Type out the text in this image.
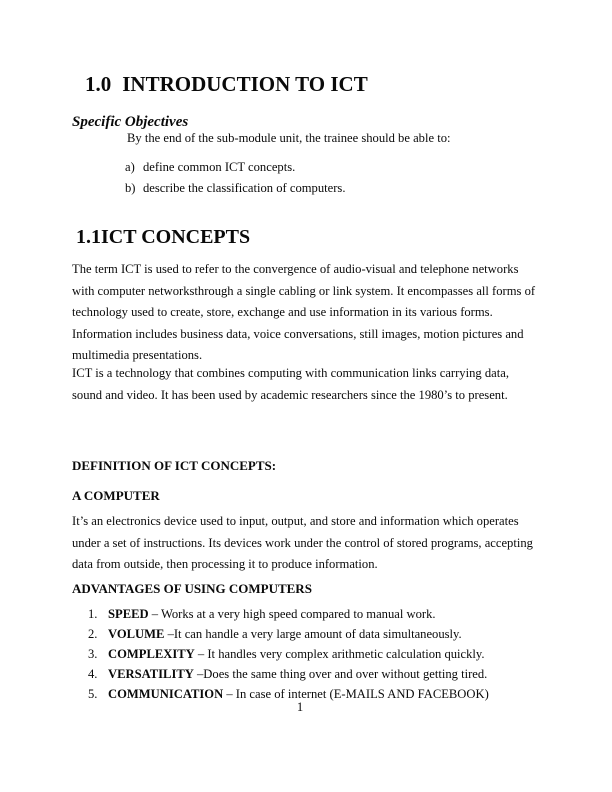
1.0 INTRODUCTION TO ICT
Specific Objectives
By the end of the sub-module unit, the trainee should be able to:
a) define common ICT concepts.
b) describe the classification of computers.
1.1ICT CONCEPTS

The term ICT is used to refer to the convergence of audio-visual and telephone networks with computer networksthrough a single cabling or link system. It encompasses all forms of technology used to create, store, exchange and use information in its various forms. Information includes business data, voice conversations, still images, motion pictures and multimedia presentations.

ICT is a technology that combines computing with communication links carrying data, sound and video. It has been used by academic researchers since the 1980’s to present.

DEFINITION OF ICT CONCEPTS:
A COMPUTER

It’s an electronics device used to input, output, and store and information which operates under a set of instructions. Its devices work under the control of stored programs, accepting data from outside, then processing it to produce information.

ADVANTAGES OF USING COMPUTERS
1. SPEED – Works at a very high speed compared to manual work.
2. VOLUME –It can handle a very large amount of data simultaneously.
3. COMPLEXITY – It handles very complex arithmetic calculation quickly.
4. VERSATILITY –Does the same thing over and over without getting tired.
5. COMMUNICATION – In case of internet (E-MAILS AND FACEBOOK)
1
